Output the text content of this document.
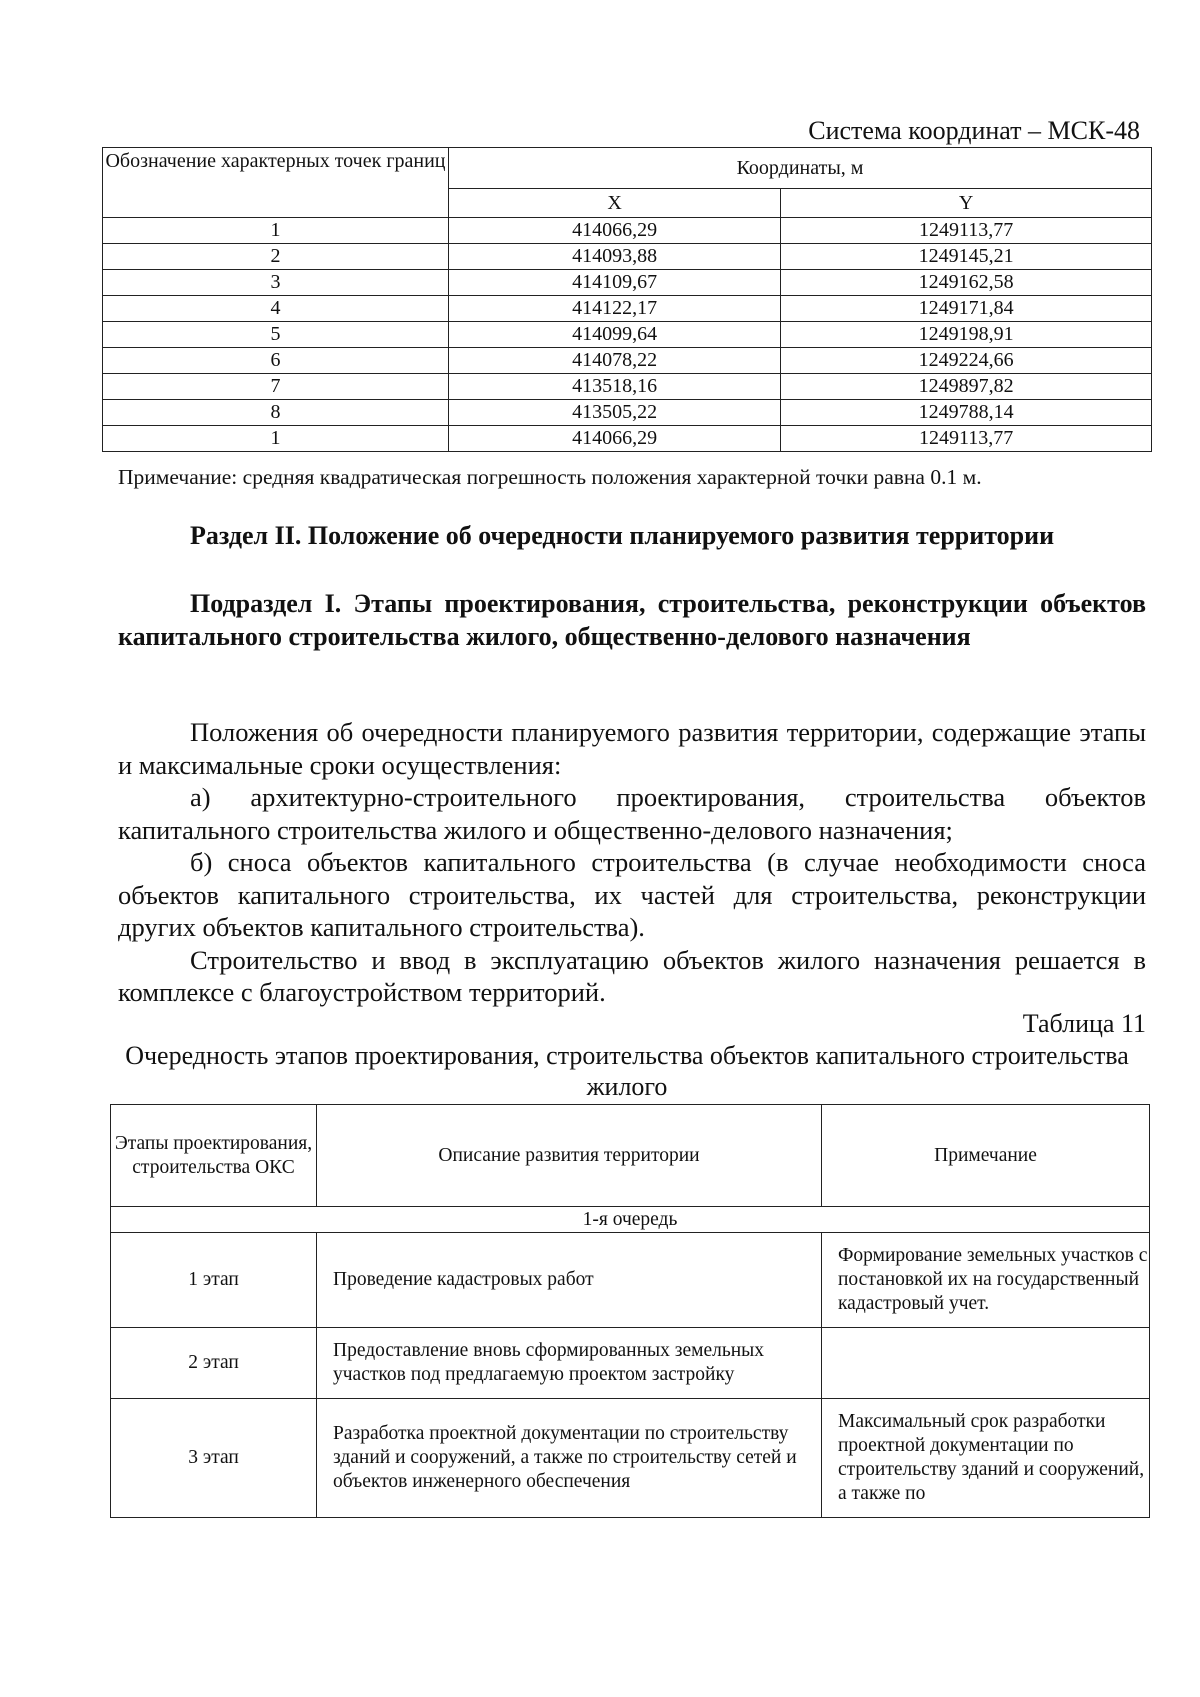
Система координат – МСК-48
Обозначение характерных точек границ	Координаты, м	
	X	Y
1	414066,29	1249113,77
2	414093,88	1249145,21
3	414109,67	1249162,58
4	414122,17	1249171,84
5	414099,64	1249198,91
6	414078,22	1249224,66
7	413518,16	1249897,82
8	413505,22	1249788,14
1	414066,29	1249113,77
Примечание: средняя квадратическая погрешность положения характерной точки равна 0.1 м.
Раздел II. Положение об очередности планируемого развития территории
Подраздел I. Этапы проектирования, строительства, реконструкции объектов капитального строительства жилого, общественно-делового назначения

Положения об очередности планируемого развития территории, содержащие этапы и максимальные сроки осуществления:

а) архитектурно-строительного проектирования, строительства объектов капитального строительства жилого и общественно-делового назначения;

б) сноса объектов капитального строительства (в случае необходимости сноса объектов капитального строительства, их частей для строительства, реконструкции других объектов капитального строительства).

Строительство и ввод в эксплуатацию объектов жилого назначения решается в комплексе с благоустройством территорий.

Таблица 11
Очередность этапов проектирования, строительства объектов капитального строительства жилого
Этапы проектирования, строительства ОКС	Описание развития территории	Примечание
1-я очередь		
1 этап	Проведение кадастровых работ	Формирование земельных участков с постановкой их на государственный кадастровый учет.
2 этап	Предоставление вновь сформированных земельных участков под предлагаемую проектом застройку	
3 этап	Разработка проектной документации по строительству зданий и сооружений, а также по строительству сетей и объектов инженерного обеспечения	Максимальный срок разработки проектной документации по строительству зданий и сооружений, а также по
